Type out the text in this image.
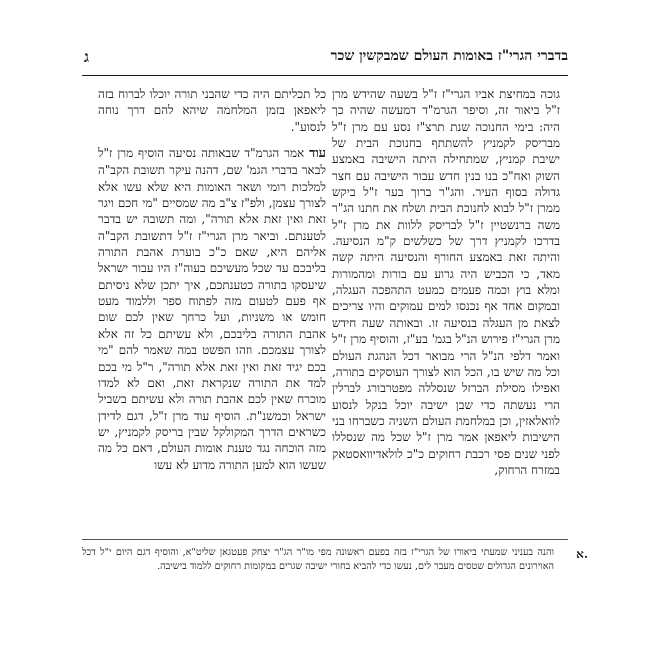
בדברי הגרי"ז באומות העולם שמבקשין שכר
ג

גוכה במחיצת אביו הגרי"ז ז"ל בשעה שהידש מרן ז"ל ביאור זה, וסיפר הגרמ"ד דמעשה שהיה כך היה: בימי החנוכה שנת תרצ"ז נסע עם מרן ז"ל מבריסק לקמניץ להשתתף בחנוכת הבית של ישיבת קמניץ, שמתחילה היתה הישיבה באמצע השוק ואח"כ בנו בנין חדש עבור הישיבה עם חצר גדולה בסוף העיר. והג"ר ברוך בער ז"ל ביקש ממרן ז"ל לבוא לחנוכת הבית ושלח את חתנו הג"ר משה ברנשטיין ז"ל לבריסק ללוות את מרן ז"ל בדרכו לקמניץ דרך של כשלשים ק"מ הנסיעה. והיתה זאת באמצע החורף והנסיעה היתה קשה מאד, כי הכביש היה גרוע עם בורות ומהמורות ומלא בוץ וכמה פעמים כמעט התהפכה העגלה, ובמקום אחד אף נכנסו למים עמוקים והיו צריכים לצאת מן העגלה בנסיעה זו. ובאותה שעה חידש מרן הגרי"ז פירוש הנ"ל בגמ' בע"ז, והוסיף מרן ז"ל ואמר דלפי הנ"ל הרי מבואר דכל הנהגת העולם וכל מה שיש בו, הכל הוא לצורך העוסקים בתורה, ואפילו מסילת הברזל שנסללה מפטרבורג לברלין הרי נעשתה כדי שבן ישיבה יוכל בנקל לנסוע לוואלאזין, וכן במלחמת העולם השניה כשברחו בני הישיבות ליאפאן אמר מרן ז"ל שכל מה שנסללו לפני שנים פסי רכבת רחוקים כ"כ לולאדיוואסטאק במזרח הרחוק,

כל תכליתם היה כדי שהבני תורה יוכלו לברוח בזה ליאפאן בזמן המלחמה שיהא להם דרך נוחה לנסוע".

עוד אמר הגרמ"ד שבאותה נסיעה הוסיף מרן ז"ל לבאר בדברי הגמ' שם, דהנה עיקר תשובת הקב"ה למלכות רומי ושאר האומות היא שלא עשו אלא לצורך עצמן, ולפ"ז צ"ב מה שמסיים "מי חכם ויגר זאת ואין זאת אלא תורה", ומה תשובה יש בדבר לטענתם. וביאר מרן הגרי"ז ז"ל דתשובת הקב"ה אליהם היא, שאם כ"כ בוערת אהבת התורה בליבכם עד שכל מעשיכם בעוה"ז היו עבור ישראל שיעסקו בתורה כטענתכם, איך יתכן שלא ניסיתם אף פעם לטעום מזה לפתוח ספר וללמוד מעט חומש או משניות, ועל כרחך שאין לכם שום אהבת התורה בליבכם, ולא עשיתם כל זה אלא לצורך עצמכם. וזהו הפשט במה שאמר להם "מי בכם יגיד זאת ואין זאת אלא תורה", ר"ל מי בכם למד את התורה שנקראת זאת, ואם לא למדו מוכרח שאין לכם אהבת תורה ולא עשיתם בשביל ישראל וכמשנ"ת. הוסיף עוד מרן ז"ל, דגם לדידן כשראים הדרך המקולקל שבין בריסק לקמניץ, יש מזה הוכחה נגד טענת אומות העולם, דאם כל מה שעשו הוא למען התורה מדוע לא עשו

והנה בעניני שמעתי ביאורו של הגרי"ז בזה בפעם ראשונה מפי מו"ר הג"ר יצחק פעטגאן שליט"א, והוסיף דגם היום י"ל דכל האוירונים הגדולים שטסים מעבר לים, נעשו כדי להביא בחורי ישיבה שגרים במקומות רחוקים ללמוד בישיבה.
א.
